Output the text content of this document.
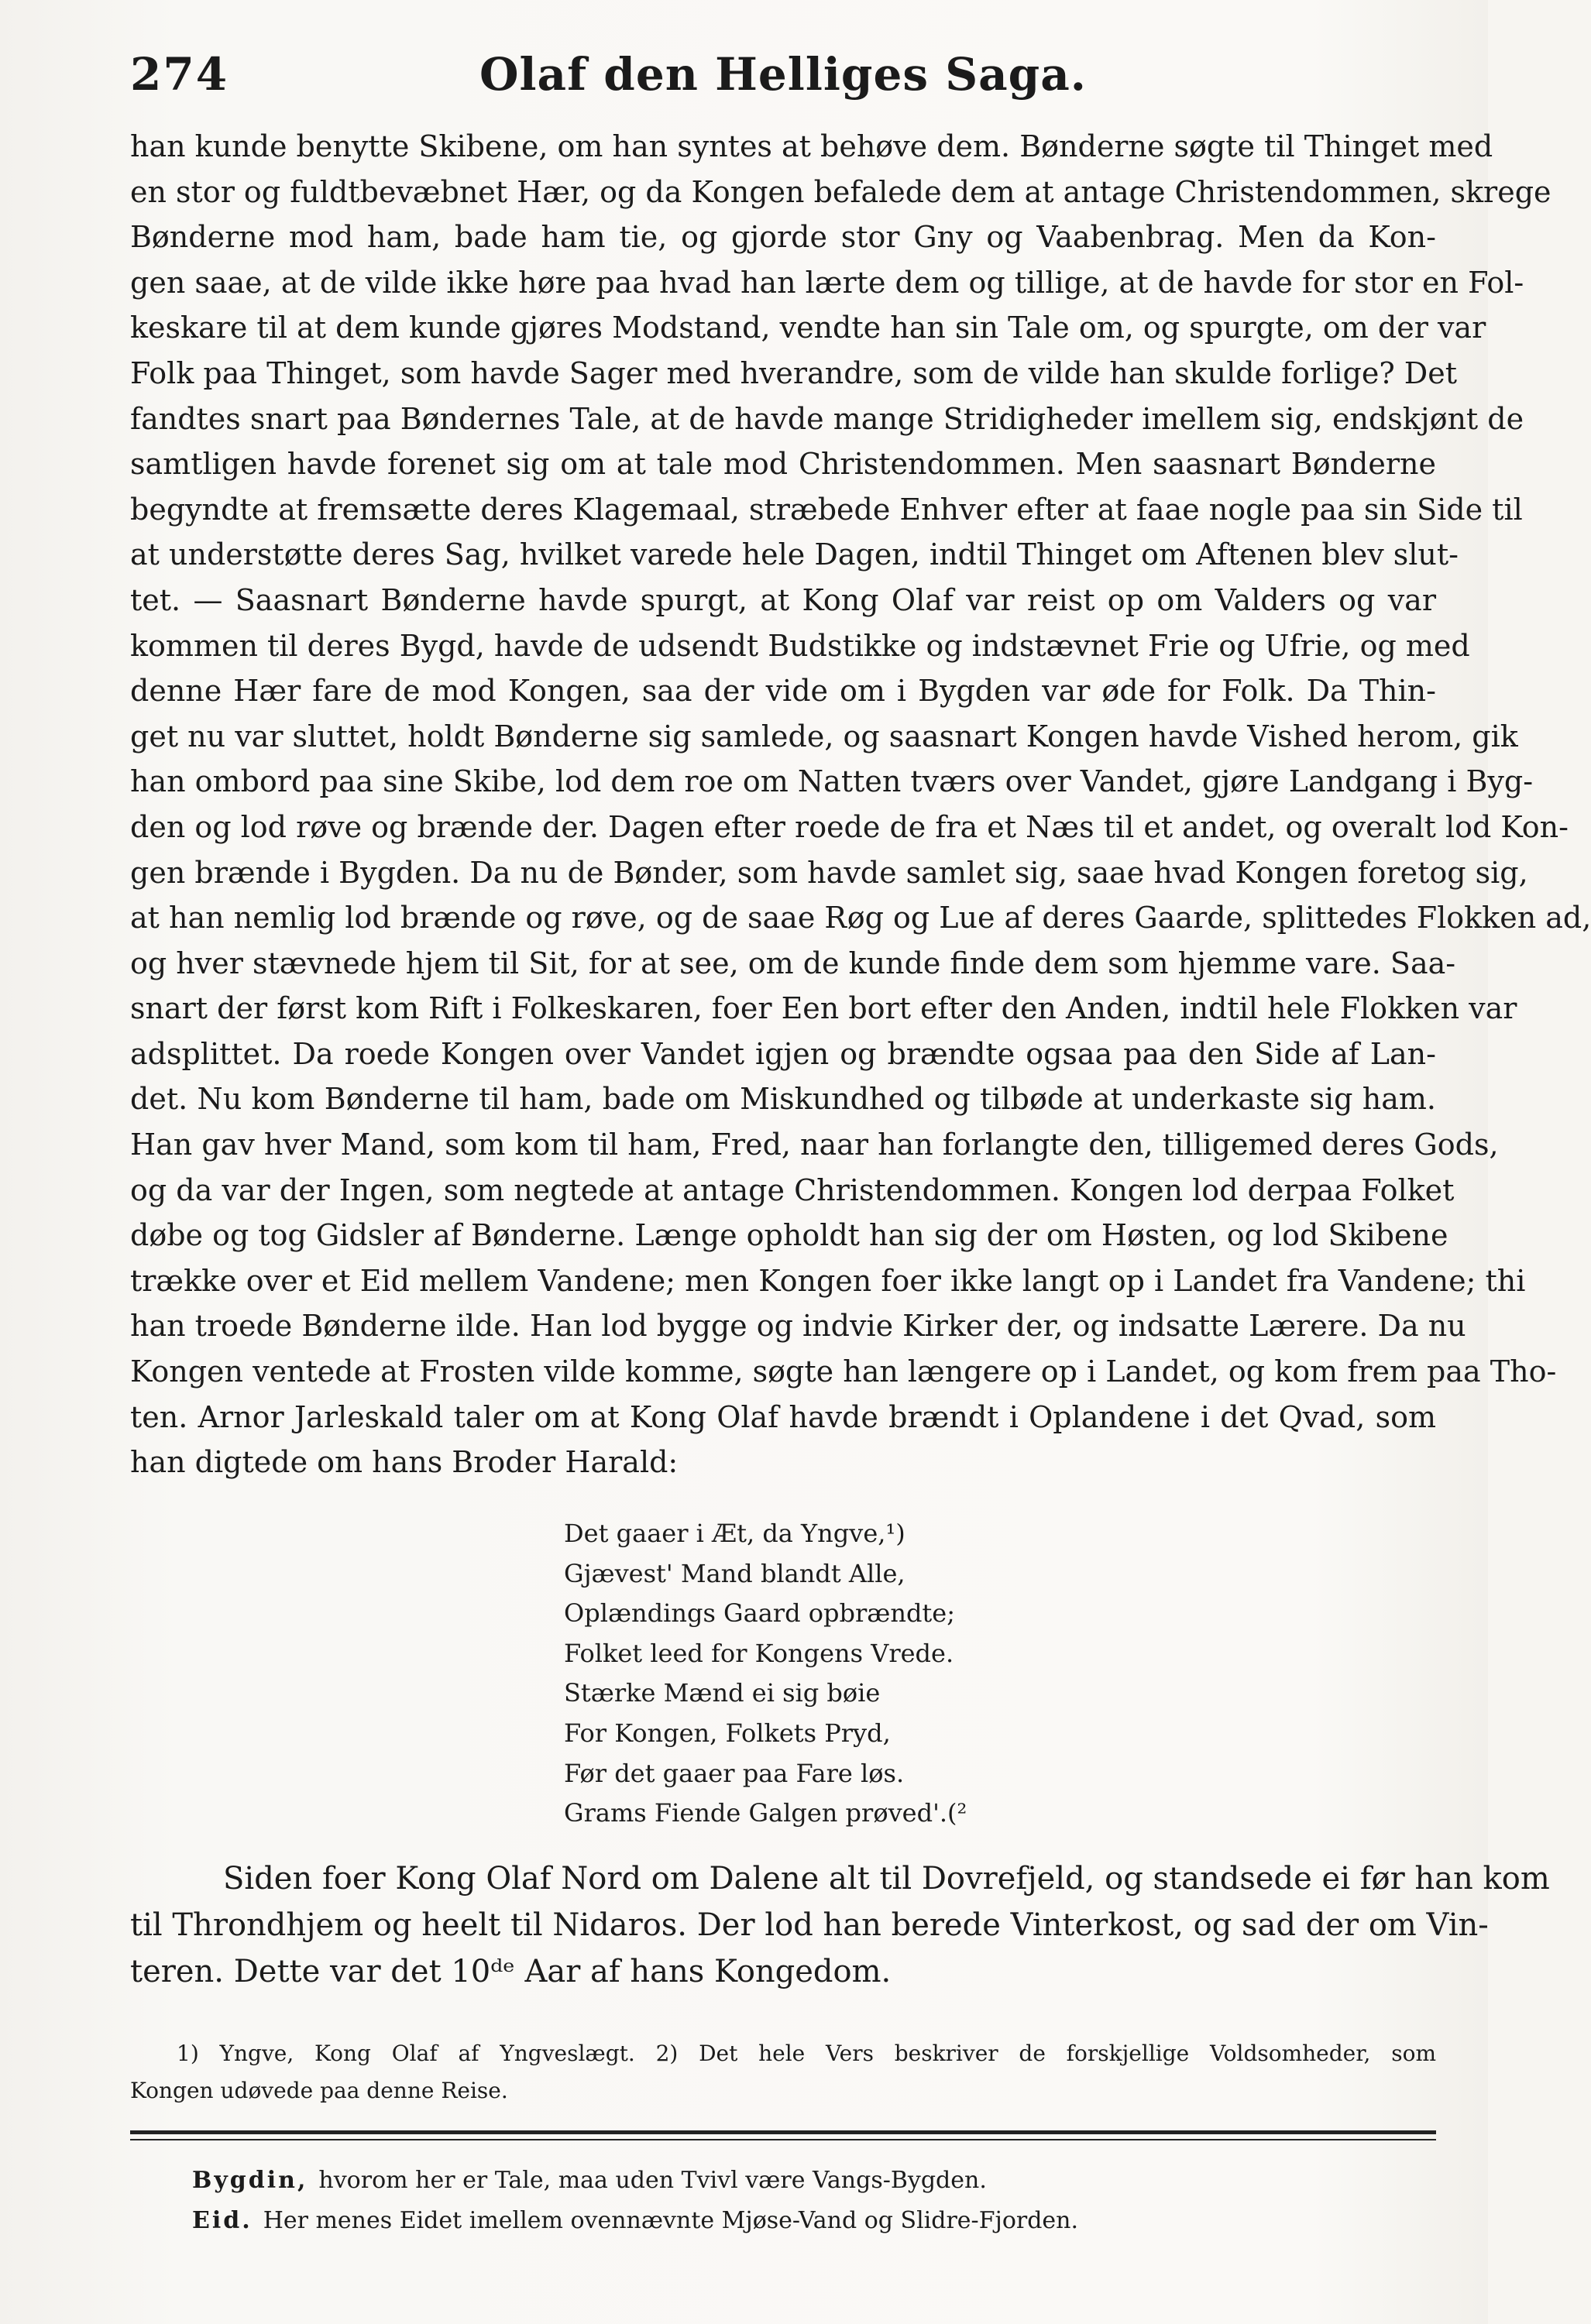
274	Olaf den Helliges Saga.
han kunde benytte Skibene, om han syntes at behøve dem. Bønderne søgte til Thinget med
en stor og fuldtbevæbnet Hær, og da Kongen befalede dem at antage Christendommen, skrege
Bønderne mod ham, bade ham tie, og gjorde stor Gny og Vaabenbrag. Men da Kon-
gen saae, at de vilde ikke høre paa hvad han lærte dem og tillige, at de havde for stor en Fol-
keskare til at dem kunde gjøres Modstand, vendte han sin Tale om, og spurgte, om der var
Folk paa Thinget, som havde Sager med hverandre, som de vilde han skulde forlige? Det
fandtes snart paa Bøndernes Tale, at de havde mange Stridigheder imellem sig, endskjønt de
samtligen havde forenet sig om at tale mod Christendommen. Men saasnart Bønderne
begyndte at fremsætte deres Klagemaal, stræbede Enhver efter at faae nogle paa sin Side til
at understøtte deres Sag, hvilket varede hele Dagen, indtil Thinget om Aftenen blev slut-
tet. — Saasnart Bønderne havde spurgt, at Kong Olaf var reist op om Valders og var
kommen til deres Bygd, havde de udsendt Budstikke og indstævnet Frie og Ufrie, og med
denne Hær fare de mod Kongen, saa der vide om i Bygden var øde for Folk. Da Thin-
get nu var sluttet, holdt Bønderne sig samlede, og saasnart Kongen havde Vished herom, gik
han ombord paa sine Skibe, lod dem roe om Natten tværs over Vandet, gjøre Landgang i Byg-
den og lod røve og brænde der. Dagen efter roede de fra et Næs til et andet, og overalt lod Kon-
gen brænde i Bygden. Da nu de Bønder, som havde samlet sig, saae hvad Kongen foretog sig,
at han nemlig lod brænde og røve, og de saae Røg og Lue af deres Gaarde, splittedes Flokken ad,
og hver stævnede hjem til Sit, for at see, om de kunde finde dem som hjemme vare. Saa-
snart der først kom Rift i Folkeskaren, foer Een bort efter den Anden, indtil hele Flokken var
adsplittet. Da roede Kongen over Vandet igjen og brændte ogsaa paa den Side af Lan-
det. Nu kom Bønderne til ham, bade om Miskundhed og tilbøde at underkaste sig ham.
Han gav hver Mand, som kom til ham, Fred, naar han forlangte den, tilligemed deres Gods,
og da var der Ingen, som negtede at antage Christendommen. Kongen lod derpaa Folket
døbe og tog Gidsler af Bønderne. Længe opholdt han sig der om Høsten, og lod Skibene
trække over et Eid mellem Vandene; men Kongen foer ikke langt op i Landet fra Vandene; thi
han troede Bønderne ilde. Han lod bygge og indvie Kirker der, og indsatte Lærere. Da nu
Kongen ventede at Frosten vilde komme, søgte han længere op i Landet, og kom frem paa Tho-
ten. Arnor Jarleskald taler om at Kong Olaf havde brændt i Oplandene i det Qvad, som
han digtede om hans Broder Harald:
Det gaaer i Æt, da Yngve,¹)
Gjævest' Mand blandt Alle,
Oplændings Gaard opbrændte;
Folket leed for Kongens Vrede.
Stærke Mænd ei sig bøie
For Kongen, Folkets Pryd,
Før det gaaer paa Fare løs.
Grams Fiende Galgen prøved'.(²
Siden foer Kong Olaf Nord om Dalene alt til Dovrefjeld, og standsede ei før han kom
til Throndhjem og heelt til Nidaros. Der lod han berede Vinterkost, og sad der om Vin-
teren. Dette var det 10ᵈᵉ Aar af hans Kongedom.
1) Yngve, Kong Olaf af Yngveslægt. 2) Det hele Vers beskriver de forskjellige Voldsomheder, som
Kongen udøvede paa denne Reise.
Bygdin, hvorom her er Tale, maa uden Tvivl være Vangs-Bygden.
Eid. Her menes Eidet imellem ovennævnte Mjøse-Vand og Slidre-Fjorden.
